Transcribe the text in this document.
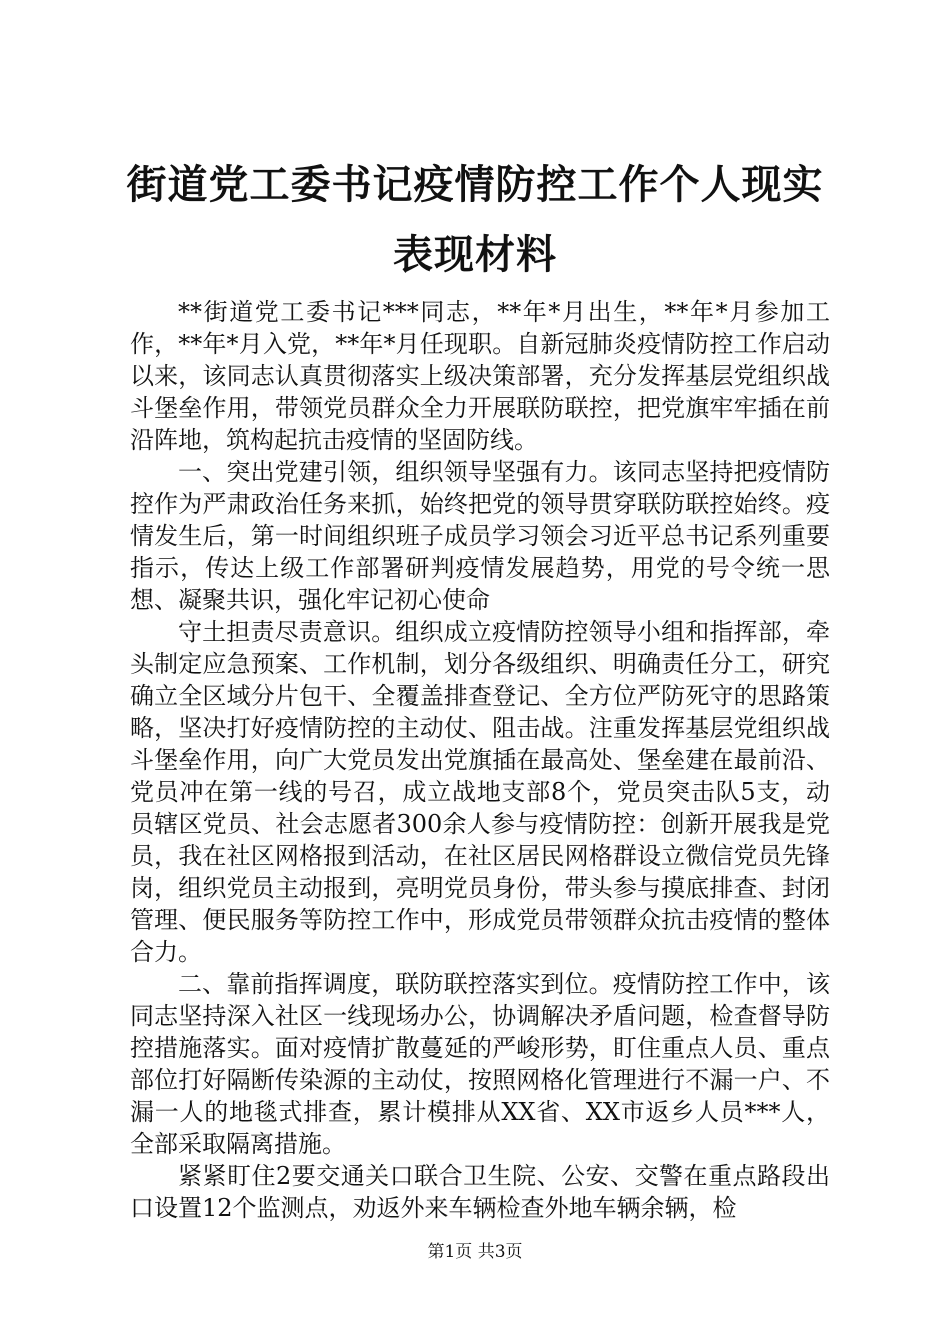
街道党工委书记疫情防控工作个人现实表现材料

**街道党工委书记***同志，**年*月出生，**年*月参加工作，**年*月入党，**年*月任现职。自新冠肺炎疫情防控工作启动以来，该同志认真贯彻落实上级决策部署，充分发挥基层党组织战斗堡垒作用，带领党员群众全力开展联防联控，把党旗牢牢插在前沿阵地，筑构起抗击疫情的坚固防线。

一、突出党建引领，组织领导坚强有力。该同志坚持把疫情防控作为严肃政治任务来抓，始终把党的领导贯穿联防联控始终。疫情发生后，第一时间组织班子成员学习领会习近平总书记系列重要指示，传达上级工作部署研判疫情发展趋势，用党的号令统一思想、凝聚共识，强化牢记初心使命

守土担责尽责意识。组织成立疫情防控领导小组和指挥部，牵头制定应急预案、工作机制，划分各级组织、明确责任分工，研究确立全区域分片包干、全覆盖排查登记、全方位严防死守的思路策略，坚决打好疫情防控的主动仗、阻击战。注重发挥基层党组织战斗堡垒作用，向广大党员发出党旗插在最高处、堡垒建在最前沿、党员冲在第一线的号召，成立战地支部8个，党员突击队5支，动员辖区党员、社会志愿者300余人参与疫情防控：创新开展我是党员，我在社区网格报到活动，在社区居民网格群设立微信党员先锋岗，组织党员主动报到，亮明党员身份，带头参与摸底排查、封闭管理、便民服务等防控工作中，形成党员带领群众抗击疫情的整体合力。

二、靠前指挥调度，联防联控落实到位。疫情防控工作中，该同志坚持深入社区一线现场办公，协调解决矛盾问题，检查督导防控措施落实。面对疫情扩散蔓延的严峻形势，盯住重点人员、重点部位打好隔断传染源的主动仗，按照网格化管理进行不漏一户、不漏一人的地毯式排查，累计模排从XX省、XX市返乡人员***人，全部采取隔离措施。

紧紧盯住2要交通关口联合卫生院、公安、交警在重点路段出口设置12个监测点，劝返外来车辆检查外地车辆余辆，检

第1页 共3页
